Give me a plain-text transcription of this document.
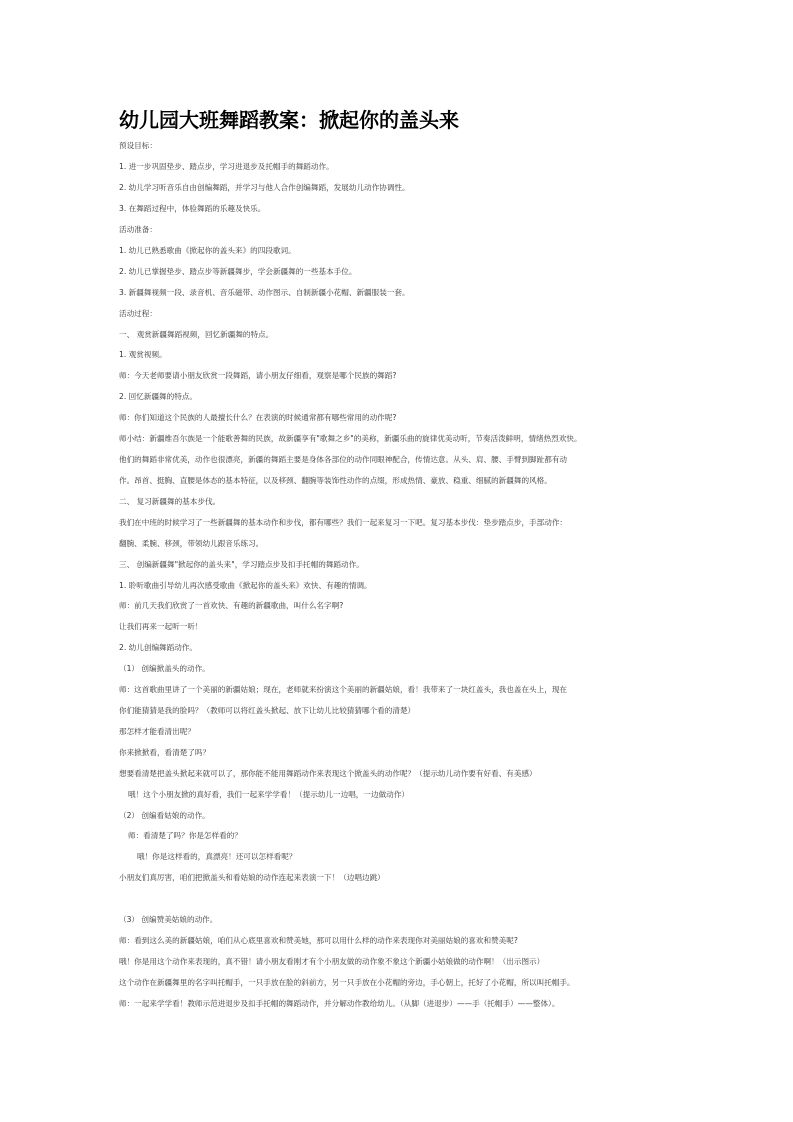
幼儿园大班舞蹈教案：掀起你的盖头来
预设目标：
1. 进一步巩固垫步、踏点步，学习进退步及托帽手的舞蹈动作。
2. 幼儿学习听音乐自由创编舞蹈，并学习与他人合作创编舞蹈，发展幼儿动作协调性。
3. 在舞蹈过程中，体验舞蹈的乐趣及快乐。
活动准备：
1. 幼儿已熟悉歌曲《掀起你的盖头来》的四段歌词。
2. 幼儿已掌握垫步、踏点步等新疆舞步，学会新疆舞的一些基本手位。
3. 新疆舞视频一段、录音机、音乐磁带、动作图示、自制新疆小花帽、新疆服装一套。
活动过程：
一、 观赏新疆舞蹈视频，回忆新疆舞的特点。
1. 观赏视频。
师：今天老师要请小朋友欣赏一段舞蹈，请小朋友仔细看，观察是哪个民族的舞蹈?
2. 回忆新疆舞的特点。
师：你们知道这个民族的人最擅长什么？在表演的时候通常都有哪些常用的动作呢?
师小结：新疆维吾尔族是一个能歌善舞的民族，故新疆享有"歌舞之乡"的美称，新疆乐曲的旋律优美动听，节奏活泼鲜明，情绪热烈欢快。
他们的舞蹈非常优美，动作也很漂亮，新疆的舞蹈主要是身体各部位的动作同眼神配合，传情达意。从头、肩、腰、手臂到脚趾都有动
作。昂首、挺胸、直腰是体态的基本特征，以及移颈、翻腕等装饰性动作的点缀，形成热情、豪放、稳重、细腻的新疆舞的风格。
二、 复习新疆舞的基本步伐。
我们在中班的时候学习了一些新疆舞的基本动作和步伐，都有哪些？我们一起来复习一下吧。复习基本步伐：垫步踏点步，手部动作：
翻腕、柔腕、移颈，带领幼儿跟音乐练习。
三、 创编新疆舞"掀起你的盖头来"，学习踏点步及扣手托帽的舞蹈动作。
1. 聆听歌曲引导幼儿再次感受歌曲《掀起你的盖头来》欢快、有趣的情调。
师：前几天我们欣赏了一首欢快、有趣的新疆歌曲，叫什么名字啊?
让我们再来一起听一听！
2. 幼儿创编舞蹈动作。
（1） 创编掀盖头的动作。
师：这首歌曲里讲了一个美丽的新疆姑娘；现在，老师就来扮演这个美丽的新疆姑娘，看！我带来了一块红盖头，我也盖在头上，现在
你们能猜猜是我的脸吗？（教师可以将红盖头掀起、放下让幼儿比较猜猜哪个看的清楚）
那怎样才能看清出呢？
你来掀掀看，看清楚了吗？
想要看清楚把盖头掀起来就可以了，那你能不能用舞蹈动作来表现这个掀盖头的动作呢？（提示幼儿动作要有好看、有美感）
哦！这个小朋友掀的真好看，我们一起来学学看！（提示幼儿一边唱，一边做动作）
（2） 创编看姑娘的动作。
师：看清楚了吗？你是怎样看的？
哦！你是这样看的，真漂亮！还可以怎样看呢？
小朋友们真厉害，咱们把掀盖头和看姑娘的动作连起来表演一下！（边唱边跳）
（3） 创编赞美姑娘的动作。
师：看到这么美的新疆姑娘，咱们从心底里喜欢和赞美她，那可以用什么样的动作来表现你对美丽姑娘的喜欢和赞美呢?
哦！你是用这个动作来表现的，真不错！请小朋友看刚才有个小朋友做的动作象不象这个新疆小姑娘做的动作啊！（出示图示）
这个动作在新疆舞里的名字叫托帽手，一只手放在脸的斜前方，另一只手放在小花帽的旁边，手心朝上，托好了小花帽，所以叫托帽手。
师：一起来学学看！教师示范进退步及扣手托帽的舞蹈动作，并分解动作教给幼儿。（从脚（进退步）——手（托帽手）——整体）。
